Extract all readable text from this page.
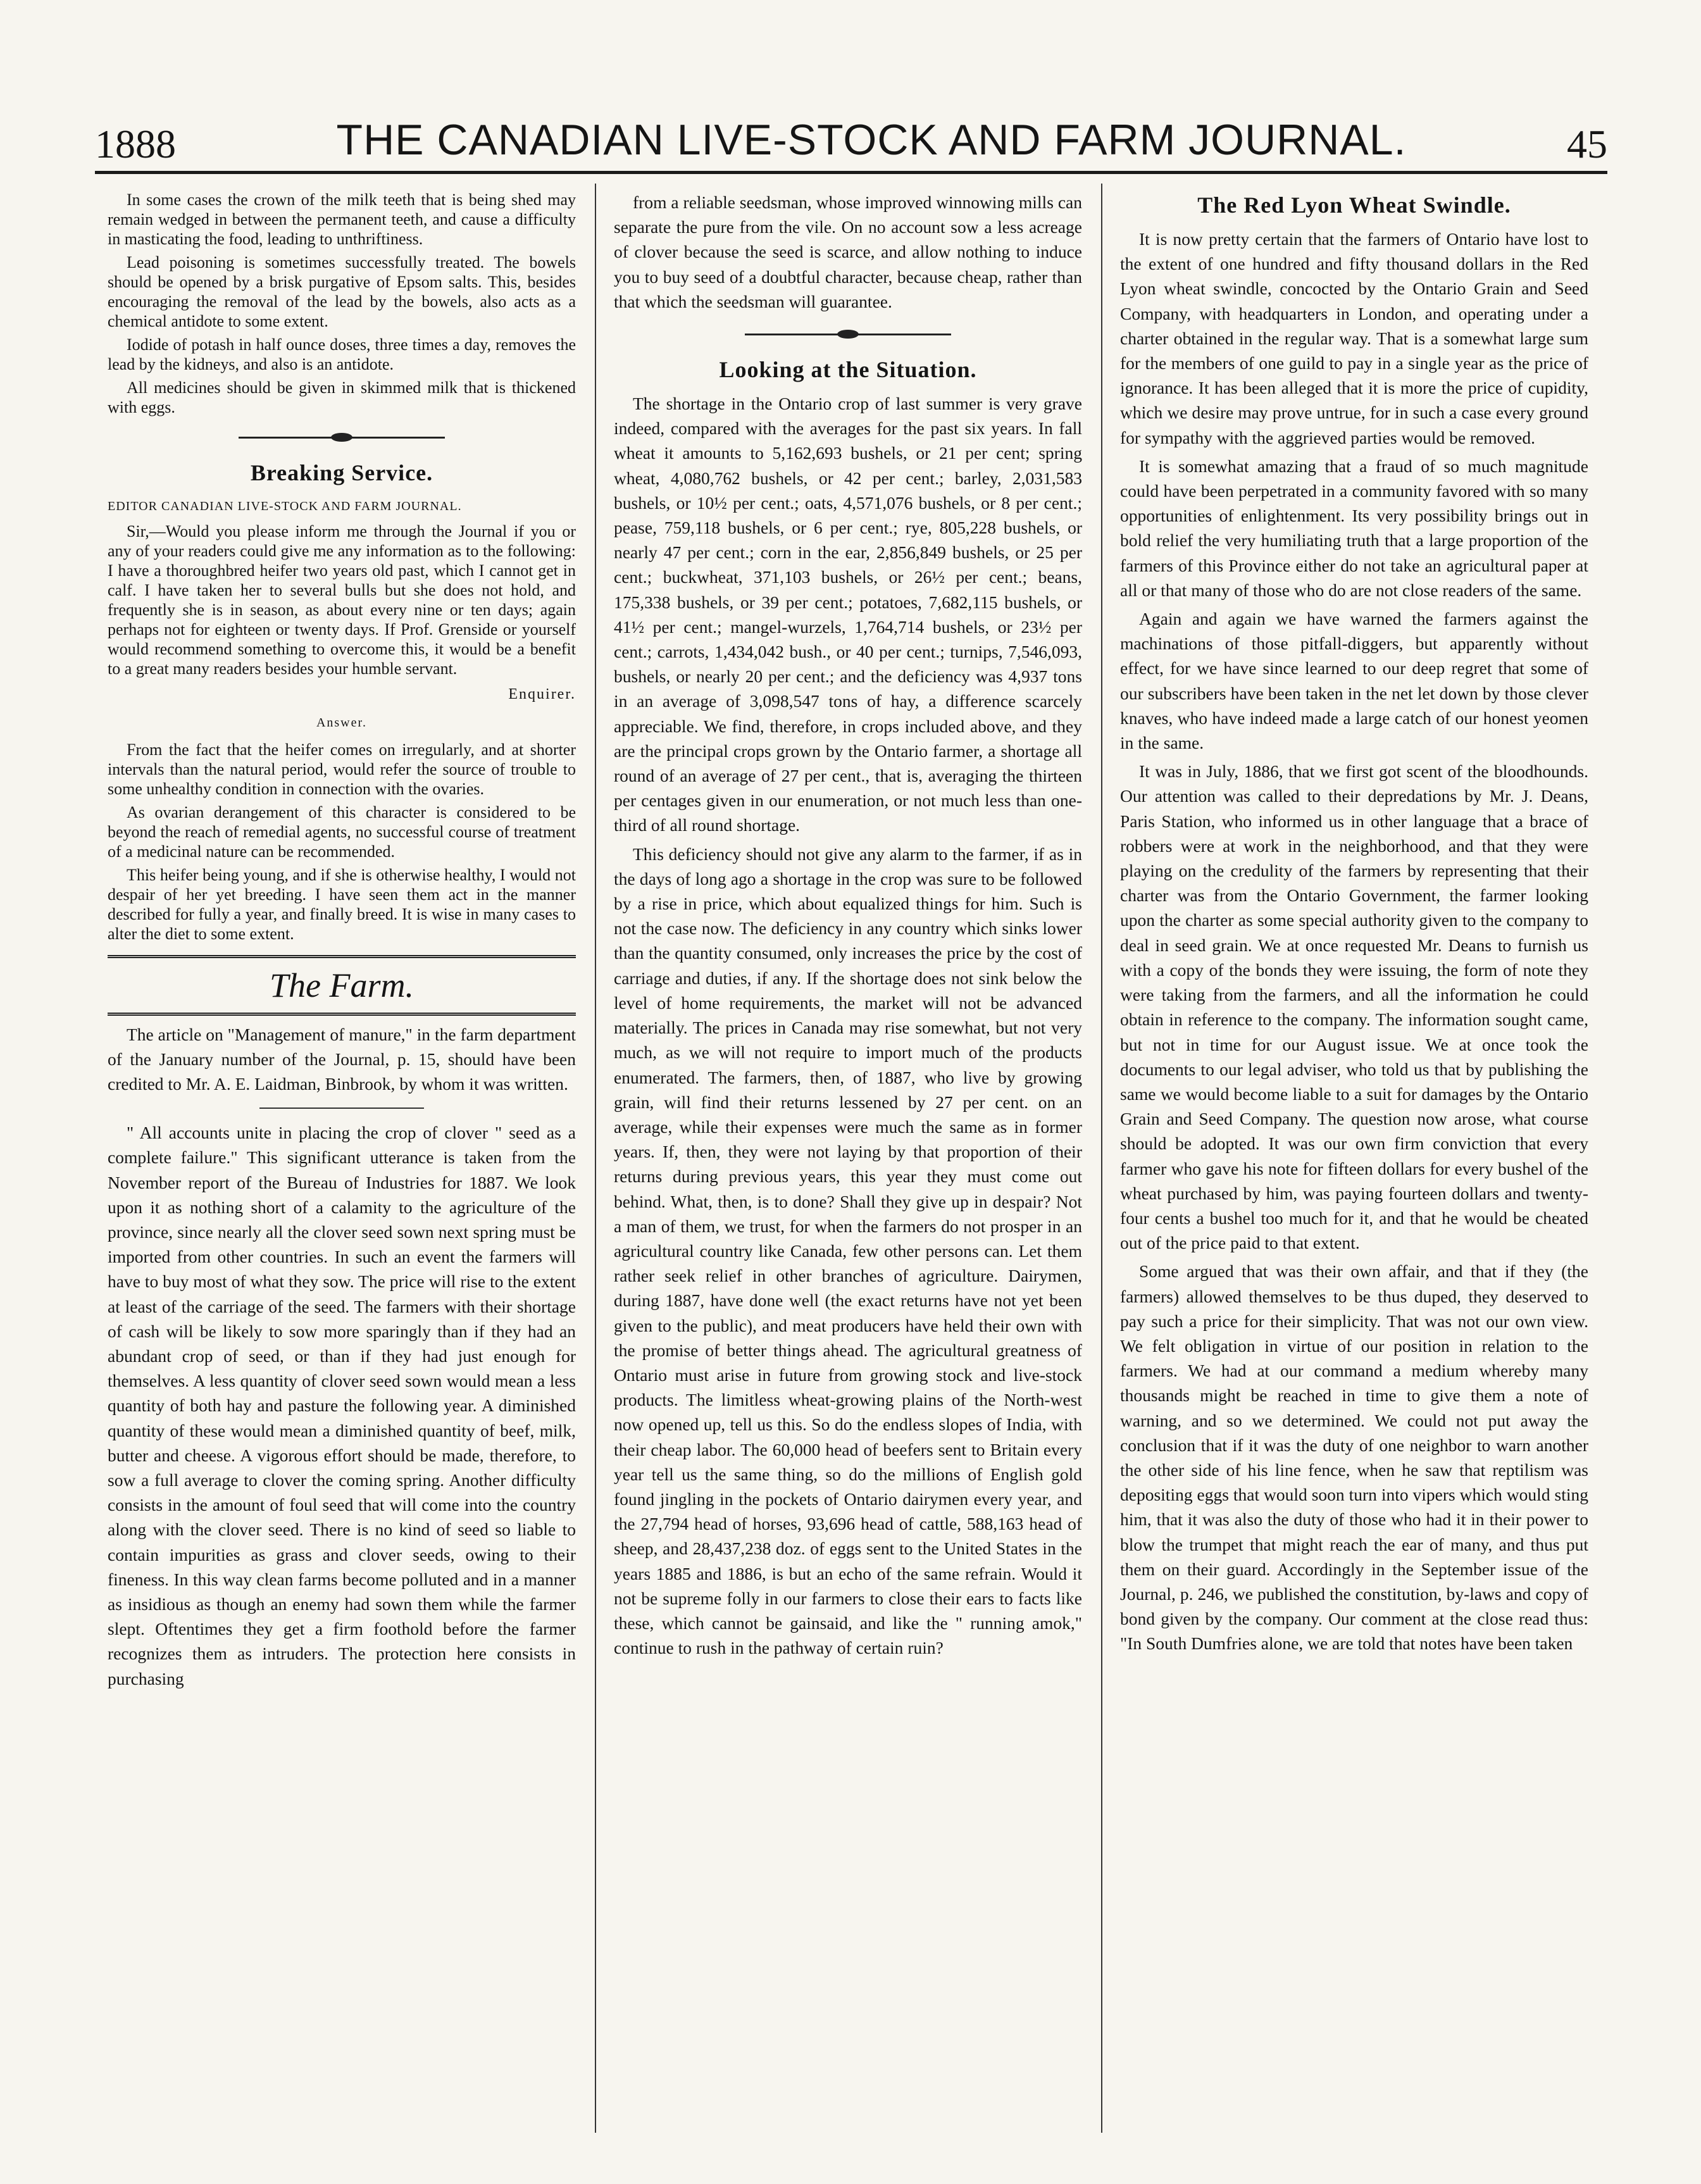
1888	THE CANADIAN LIVE-STOCK AND FARM JOURNAL.	45

In some cases the crown of the milk teeth that is being shed may remain wedged in between the permanent teeth, and cause a difficulty in masticating the food, leading to unthriftiness.

Lead poisoning is sometimes successfully treated. The bowels should be opened by a brisk purgative of Epsom salts. This, besides encouraging the removal of the lead by the bowels, also acts as a chemical antidote to some extent.

Iodide of potash in half ounce doses, three times a day, removes the lead by the kidneys, and also is an antidote.

All medicines should be given in skimmed milk that is thickened with eggs.

Breaking Service.
EDITOR CANADIAN LIVE-STOCK AND FARM JOURNAL.

Sir,—Would you please inform me through the Journal if you or any of your readers could give me any information as to the following: I have a thoroughbred heifer two years old past, which I cannot get in calf. I have taken her to several bulls but she does not hold, and frequently she is in season, as about every nine or ten days; again perhaps not for eighteen or twenty days. If Prof. Grenside or yourself would recommend something to overcome this, it would be a benefit to a great many readers besides your humble servant.

Enquirer.
Answer.

From the fact that the heifer comes on irregularly, and at shorter intervals than the natural period, would refer the source of trouble to some unhealthy condition in connection with the ovaries.

As ovarian derangement of this character is considered to be beyond the reach of remedial agents, no successful course of treatment of a medicinal nature can be recommended.

This heifer being young, and if she is otherwise healthy, I would not despair of her yet breeding. I have seen them act in the manner described for fully a year, and finally breed. It is wise in many cases to alter the diet to some extent.

The Farm.

The article on "Management of manure," in the farm department of the January number of the Journal, p. 15, should have been credited to Mr. A. E. Laidman, Binbrook, by whom it was written.

" All accounts unite in placing the crop of clover " seed as a complete failure." This significant utterance is taken from the November report of the Bureau of Industries for 1887. We look upon it as nothing short of a calamity to the agriculture of the province, since nearly all the clover seed sown next spring must be imported from other countries. In such an event the farmers will have to buy most of what they sow. The price will rise to the extent at least of the carriage of the seed. The farmers with their shortage of cash will be likely to sow more sparingly than if they had an abundant crop of seed, or than if they had just enough for themselves. A less quantity of clover seed sown would mean a less quantity of both hay and pasture the following year. A diminished quantity of these would mean a diminished quantity of beef, milk, butter and cheese. A vigorous effort should be made, therefore, to sow a full average to clover the coming spring. Another difficulty consists in the amount of foul seed that will come into the country along with the clover seed. There is no kind of seed so liable to contain impurities as grass and clover seeds, owing to their fineness. In this way clean farms become polluted and in a manner as insidious as though an enemy had sown them while the farmer slept. Oftentimes they get a firm foothold before the farmer recognizes them as intruders. The protection here consists in purchasing

from a reliable seedsman, whose improved winnowing mills can separate the pure from the vile. On no account sow a less acreage of clover because the seed is scarce, and allow nothing to induce you to buy seed of a doubtful character, because cheap, rather than that which the seedsman will guarantee.

Looking at the Situation.

The shortage in the Ontario crop of last summer is very grave indeed, compared with the averages for the past six years. In fall wheat it amounts to 5,162,693 bushels, or 21 per cent; spring wheat, 4,080,762 bushels, or 42 per cent.; barley, 2,031,583 bushels, or 10½ per cent.; oats, 4,571,076 bushels, or 8 per cent.; pease, 759,118 bushels, or 6 per cent.; rye, 805,228 bushels, or nearly 47 per cent.; corn in the ear, 2,856,849 bushels, or 25 per cent.; buckwheat, 371,103 bushels, or 26½ per cent.; beans, 175,338 bushels, or 39 per cent.; potatoes, 7,682,115 bushels, or 41½ per cent.; mangel-wurzels, 1,764,714 bushels, or 23½ per cent.; carrots, 1,434,042 bush., or 40 per cent.; turnips, 7,546,093, bushels, or nearly 20 per cent.; and the deficiency was 4,937 tons in an average of 3,098,547 tons of hay, a difference scarcely appreciable. We find, therefore, in crops included above, and they are the principal crops grown by the Ontario farmer, a shortage all round of an average of 27 per cent., that is, averaging the thirteen per centages given in our enumeration, or not much less than one-third of all round shortage.

This deficiency should not give any alarm to the farmer, if as in the days of long ago a shortage in the crop was sure to be followed by a rise in price, which about equalized things for him. Such is not the case now. The deficiency in any country which sinks lower than the quantity consumed, only increases the price by the cost of carriage and duties, if any. If the shortage does not sink below the level of home requirements, the market will not be advanced materially. The prices in Canada may rise somewhat, but not very much, as we will not require to import much of the products enumerated. The farmers, then, of 1887, who live by growing grain, will find their returns lessened by 27 per cent. on an average, while their expenses were much the same as in former years. If, then, they were not laying by that proportion of their returns during previous years, this year they must come out behind. What, then, is to done? Shall they give up in despair? Not a man of them, we trust, for when the farmers do not prosper in an agricultural country like Canada, few other persons can. Let them rather seek relief in other branches of agriculture. Dairymen, during 1887, have done well (the exact returns have not yet been given to the public), and meat producers have held their own with the promise of better things ahead. The agricultural greatness of Ontario must arise in future from growing stock and live-stock products. The limitless wheat-growing plains of the North-west now opened up, tell us this. So do the endless slopes of India, with their cheap labor. The 60,000 head of beefers sent to Britain every year tell us the same thing, so do the millions of English gold found jingling in the pockets of Ontario dairymen every year, and the 27,794 head of horses, 93,696 head of cattle, 588,163 head of sheep, and 28,437,238 doz. of eggs sent to the United States in the years 1885 and 1886, is but an echo of the same refrain. Would it not be supreme folly in our farmers to close their ears to facts like these, which cannot be gainsaid, and like the " running amok," continue to rush in the pathway of certain ruin?

The Red Lyon Wheat Swindle.

It is now pretty certain that the farmers of Ontario have lost to the extent of one hundred and fifty thousand dollars in the Red Lyon wheat swindle, concocted by the Ontario Grain and Seed Company, with headquarters in London, and operating under a charter obtained in the regular way. That is a somewhat large sum for the members of one guild to pay in a single year as the price of ignorance. It has been alleged that it is more the price of cupidity, which we desire may prove untrue, for in such a case every ground for sympathy with the aggrieved parties would be removed.

It is somewhat amazing that a fraud of so much magnitude could have been perpetrated in a community favored with so many opportunities of enlightenment. Its very possibility brings out in bold relief the very humiliating truth that a large proportion of the farmers of this Province either do not take an agricultural paper at all or that many of those who do are not close readers of the same.

Again and again we have warned the farmers against the machinations of those pitfall-diggers, but apparently without effect, for we have since learned to our deep regret that some of our subscribers have been taken in the net let down by those clever knaves, who have indeed made a large catch of our honest yeomen in the same.

It was in July, 1886, that we first got scent of the bloodhounds. Our attention was called to their depredations by Mr. J. Deans, Paris Station, who informed us in other language that a brace of robbers were at work in the neighborhood, and that they were playing on the credulity of the farmers by representing that their charter was from the Ontario Government, the farmer looking upon the charter as some special authority given to the company to deal in seed grain. We at once requested Mr. Deans to furnish us with a copy of the bonds they were issuing, the form of note they were taking from the farmers, and all the information he could obtain in reference to the company. The information sought came, but not in time for our August issue. We at once took the documents to our legal adviser, who told us that by publishing the same we would become liable to a suit for damages by the Ontario Grain and Seed Company. The question now arose, what course should be adopted. It was our own firm conviction that every farmer who gave his note for fifteen dollars for every bushel of the wheat purchased by him, was paying fourteen dollars and twenty-four cents a bushel too much for it, and that he would be cheated out of the price paid to that extent.

Some argued that was their own affair, and that if they (the farmers) allowed themselves to be thus duped, they deserved to pay such a price for their simplicity. That was not our own view. We felt obligation in virtue of our position in relation to the farmers. We had at our command a medium whereby many thousands might be reached in time to give them a note of warning, and so we determined. We could not put away the conclusion that if it was the duty of one neighbor to warn another the other side of his line fence, when he saw that reptilism was depositing eggs that would soon turn into vipers which would sting him, that it was also the duty of those who had it in their power to blow the trumpet that might reach the ear of many, and thus put them on their guard. Accordingly in the September issue of the Journal, p. 246, we published the constitution, by-laws and copy of bond given by the company. Our comment at the close read thus: "In South Dumfries alone, we are told that notes have been taken
